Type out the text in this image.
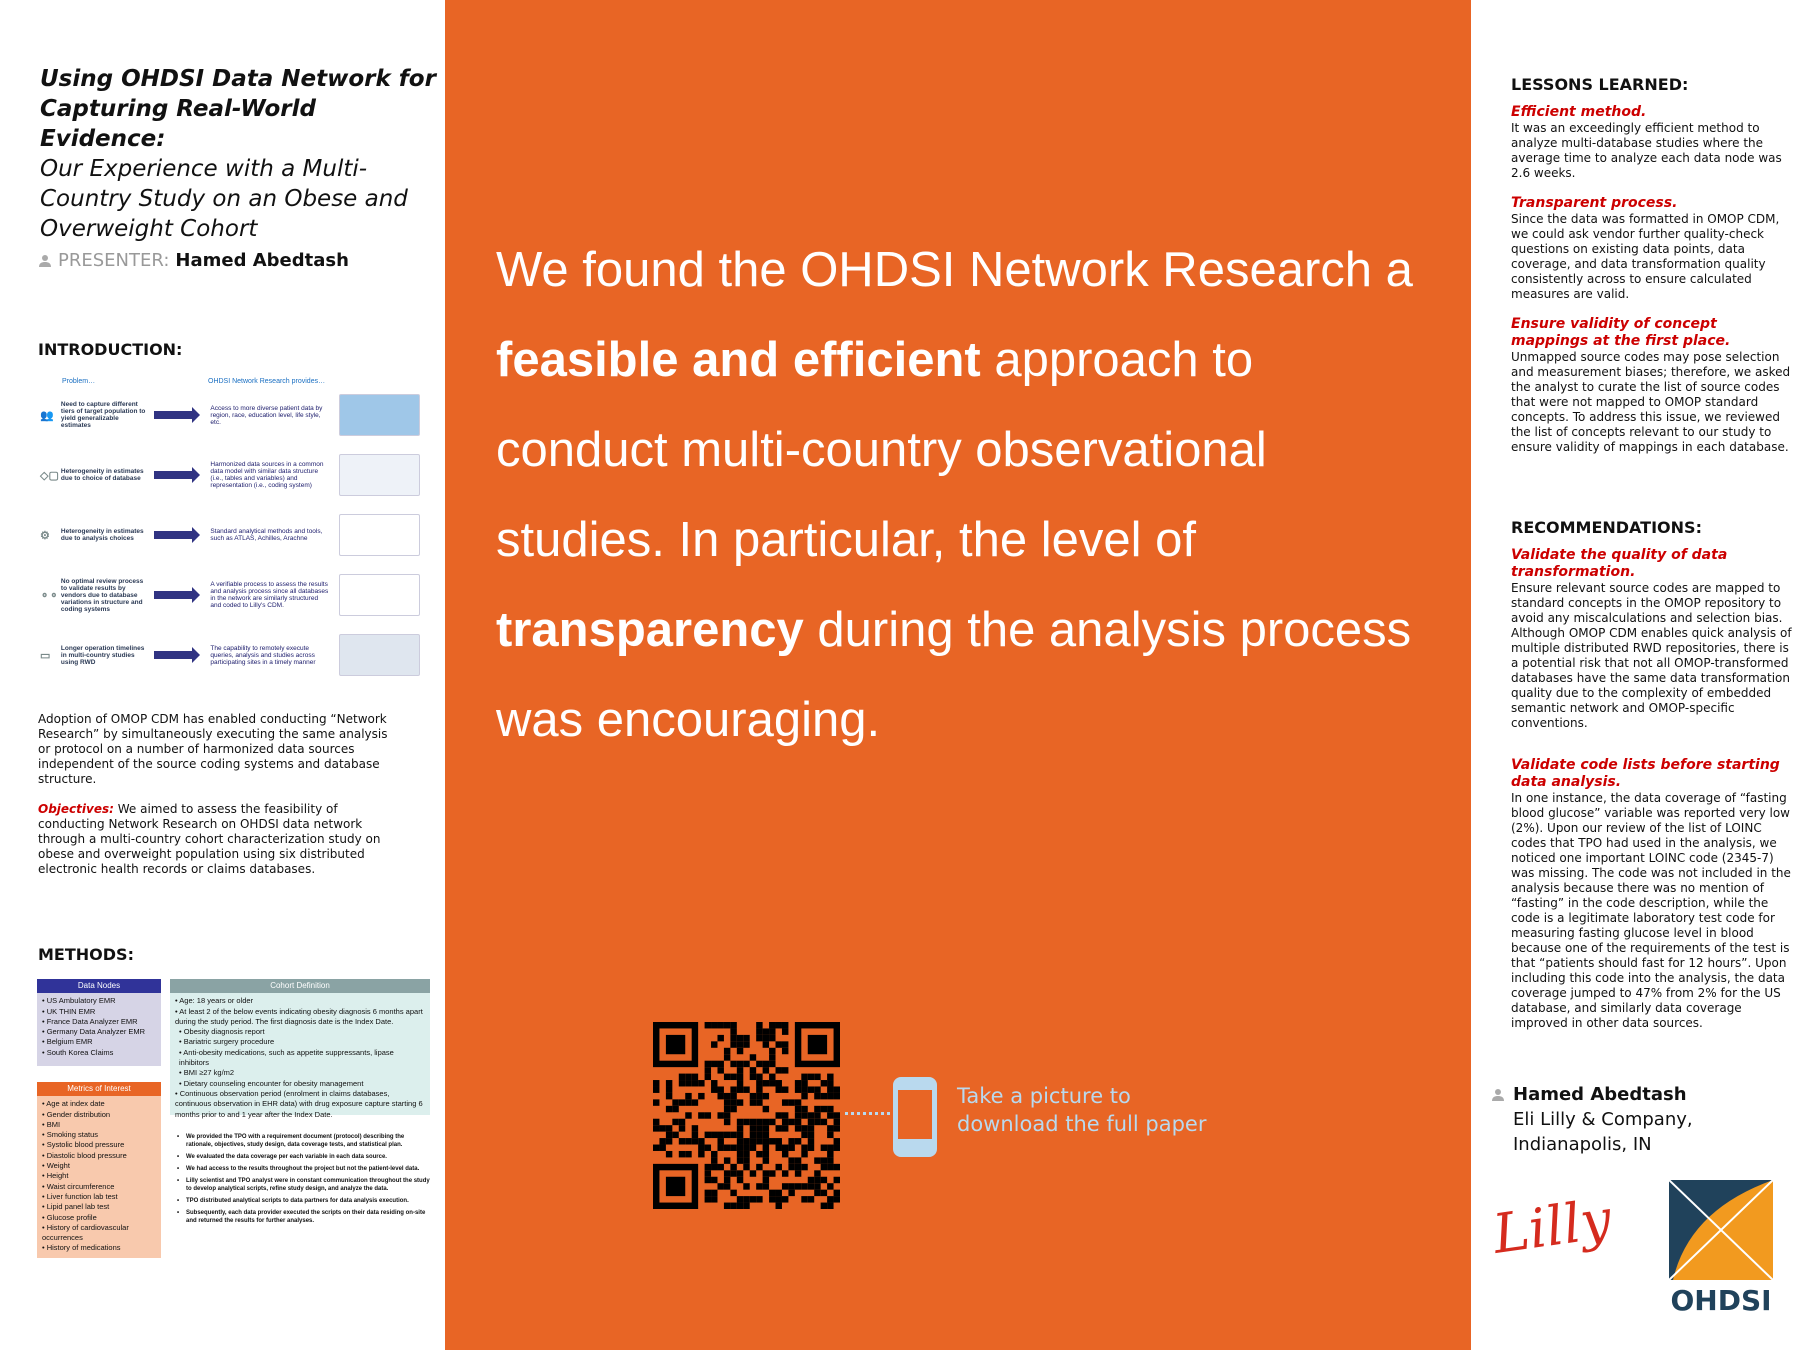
Using OHDSI Data Network for Capturing Real-World Evidence:
Our Experience with a Multi-Country Study on an Obese and Overweight Cohort
PRESENTER: Hamed Abedtash
INTRODUCTION:
Problem…	OHDSI Network Research provides…
👥
Need to capture different tiers of target population to yield generalizable estimates
Access to more diverse patient data by region, race, education level, life style, etc.
◇▢ Heterogeneity in estimates due to choice of database
Harmonized data sources in a common data model with similar data structure (i.e., tables and variables) and representation (i.e., coding system)
⚙	Heterogeneity in estimates due to analysis choices
Standard analytical methods and tools, such as ATLAS, Achilles, Arachne
⚬⚬
No optimal review process to validate results by vendors due to database variations in structure and coding systems
A verifiable process to assess the results and analysis process since all databases in the network are similarly structured and coded to Lilly's CDM.
▭
Longer operation timelines in multi-country studies using RWD
The capability to remotely execute queries, analysis and studies across participating sites in a timely manner
Adoption of OMOP CDM has enabled conducting “Network Research” by simultaneously executing the same analysis or protocol on a number of harmonized data sources independent of the source coding systems and database structure.
Objectives: We aimed to assess the feasibility of conducting Network Research on OHDSI data network through a multi-country cohort characterization study on obese and overweight population using six distributed electronic health records or claims databases.
METHODS:
Data Nodes
• US Ambulatory EMR
• UK THIN EMR
• France Data Analyzer EMR
• Germany Data Analyzer EMR
• Belgium EMR
• South Korea Claims
Metrics of Interest
• Age at index date
• Gender distribution
• BMI
• Smoking status
• Systolic blood pressure
• Diastolic blood pressure
• Weight
• Height
• Waist circumference
• Liver function lab test
• Lipid panel lab test
• Glucose profile
• History of cardiovascular occurrences
• History of medications
Cohort Definition
• Age: 18 years or older
• At least 2 of the below events indicating obesity diagnosis 6 months apart during the study period. The first diagnosis date is the Index Date.
• Obesity diagnosis report
• Bariatric surgery procedure
• Anti-obesity medications, such as appetite suppressants, lipase inhibitors
• BMI ≥27 kg/m2
• Dietary counseling encounter for obesity management
• Continuous observation period (enrolment in claims databases, continuous observation in EHR data) with drug exposure capture starting 6 months prior to and 1 year after the Index Date.
• We provided the TPO with a requirement document (protocol) describing the rationale, objectives, study design, data coverage tests, and statistical plan.
• We evaluated the data coverage per each variable in each data source.
• We had access to the results throughout the project but not the patient-level data.
• Lilly scientist and TPO analyst were in constant communication throughout the study to develop analytical scripts, refine study design, and analyze the data.
• TPO distributed analytical scripts to data partners for data analysis execution.
• Subsequently, each data provider executed the scripts on their data residing on-site and returned the results for further analyses.
We found the OHDSI Network Research a feasible and efficient approach to conduct multi-country observational studies. In particular, the level of transparency during the analysis process was encouraging.
Take a picture to download the full paper
LESSONS LEARNED:

Efficient method.
It was an exceedingly efficient method to analyze multi-database studies where the average time to analyze each data node was 2.6 weeks.

Transparent process.
Since the data was formatted in OMOP CDM, we could ask vendor further quality-check questions on existing data points, data coverage, and data transformation quality consistently across to ensure calculated measures are valid.

Ensure validity of concept mappings at the first place.
Unmapped source codes may pose selection and measurement biases; therefore, we asked the analyst to curate the list of source codes that were not mapped to OMOP standard concepts. To address this issue, we reviewed the list of concepts relevant to our study to ensure validity of mappings in each database.

RECOMMENDATIONS:

Validate the quality of data transformation.
Ensure relevant source codes are mapped to standard concepts in the OMOP repository to avoid any miscalculations and selection bias. Although OMOP CDM enables quick analysis of multiple distributed RWD repositories, there is a potential risk that not all OMOP-transformed databases have the same data transformation quality due to the complexity of embedded semantic network and OMOP-specific conventions.

Validate code lists before starting data analysis.
In one instance, the data coverage of “fasting blood glucose” variable was reported very low (2%). Upon our review of the list of LOINC codes that TPO had used in the analysis, we noticed one important LOINC code (2345-7) was missing. The code was not included in the analysis because there was no mention of “fasting” in the code description, while the code is a legitimate laboratory test code for measuring fasting glucose level in blood because one of the requirements of the test is that “patients should fast for 12 hours”. Upon including this code into the analysis, the data coverage jumped to 47% from 2% for the US database, and similarly data coverage improved in other data sources.

Hamed Abedtash
Eli Lilly & Company,
Indianapolis, IN
Lilly
OHDSI
